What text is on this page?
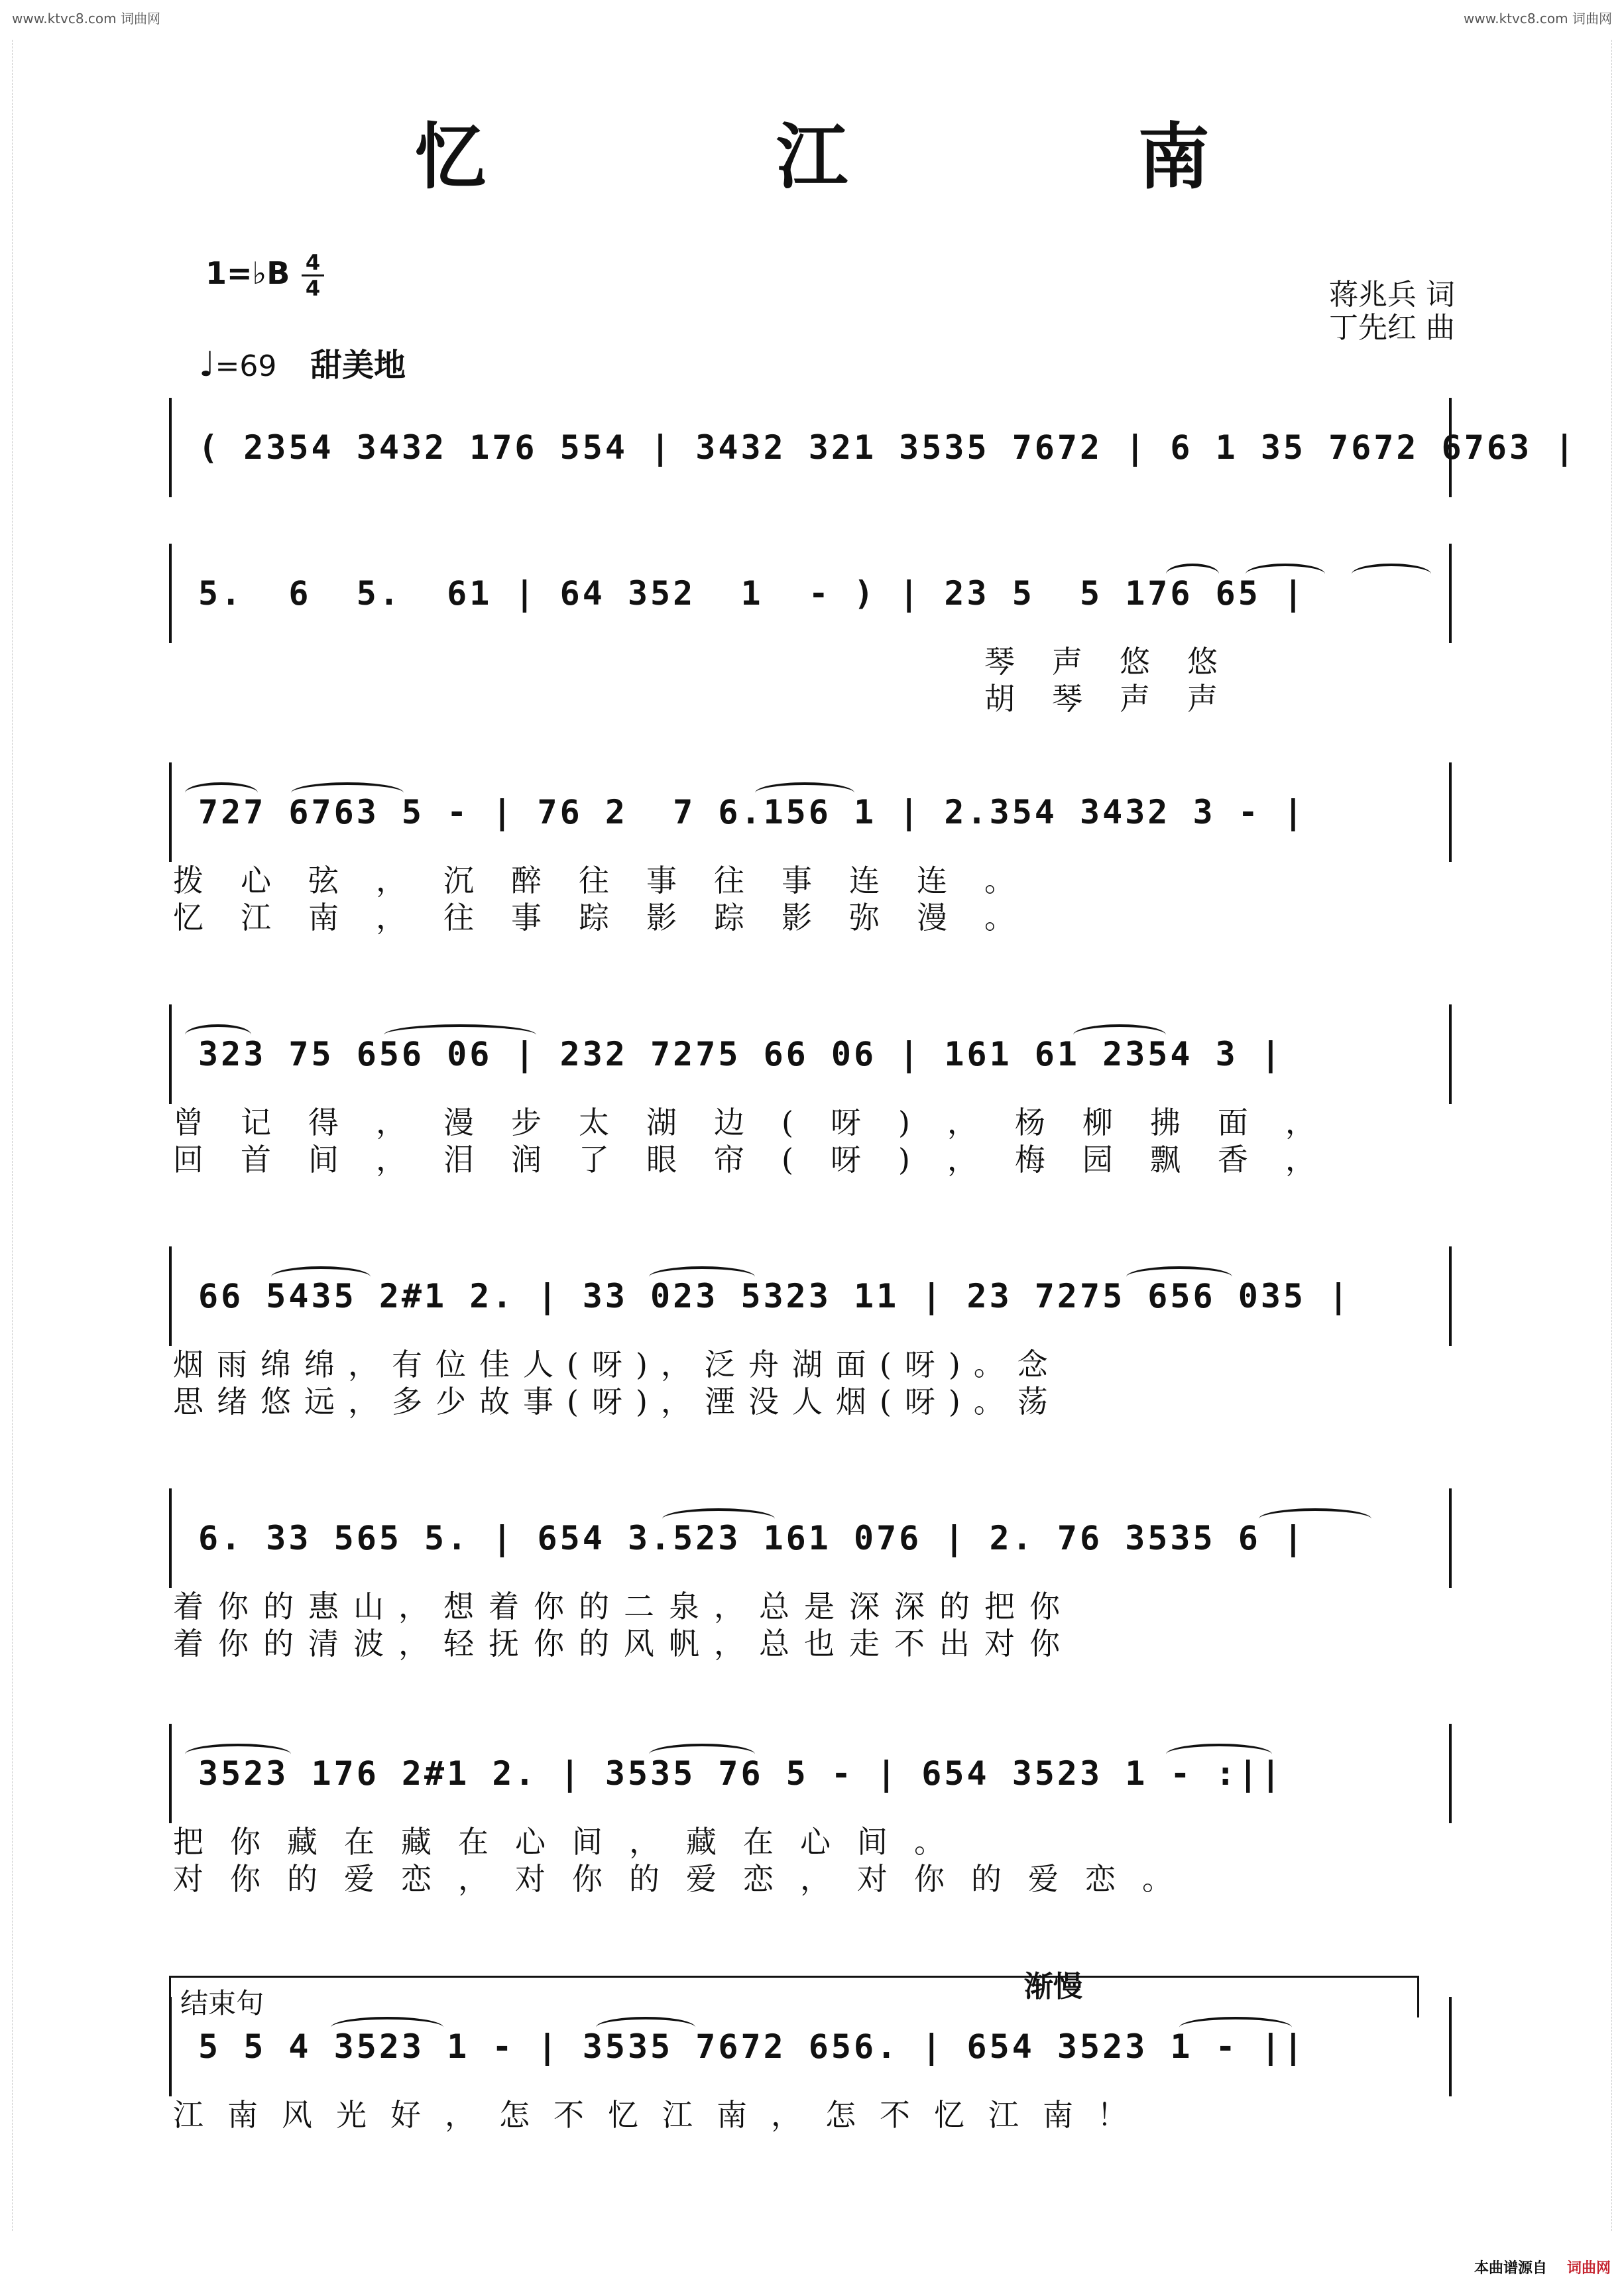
www.ktvc8.com 词曲网	www.ktvc8.com 词曲网
忆 江 南
1=♭B 4
4
♩=69 甜美地
蒋兆兵 词
丁先红 曲
( 2354 3432 176 554 | 3432 321 3535 7672 | 6 1 35 7672 6763 |
5.  6  5.  61 | 64 352  1  - ) | 23 5  5 176 65 |
琴声悠悠
胡琴声声
727 6763 5 - | 76 2  7 6.156 1 | 2.354 3432 3 - |
拨心弦，沉醉往事往事连连。
忆江南，往事踪影踪影弥漫。
323 75 656 06 | 232 7275 66 06 | 161 61 2354 3 |
曾记得，漫步太湖边(呀)，杨柳拂面，
回首间，泪润了眼帘(呀)，梅园飘香，
66 5435 2#1 2. | 33 023 5323 11 | 23 7275 656 035 |
烟雨绵绵，有位佳人(呀)，泛舟湖面(呀)。念
思绪悠远，多少故事(呀)，湮没人烟(呀)。荡
6. 33 565 5. | 654 3.523 161 076 | 2. 76 3535 6 |
着你的惠山，想着你的二泉，总是深深的把你
着你的清波，轻抚你的风帆，总也走不出对你
3523 176 2#1 2. | 3535 76 5 - | 654 3523 1 - :||
把你藏在藏在心间，藏在心间。
对你的爱恋，对你的爱恋，对你的爱恋。
结束句	渐慢
5 5 4 3523 1 - | 3535 7672 656. | 654 3523 1 - ||
江南风光好，怎不忆江南，怎不忆江南！
本曲谱源自 词曲网
